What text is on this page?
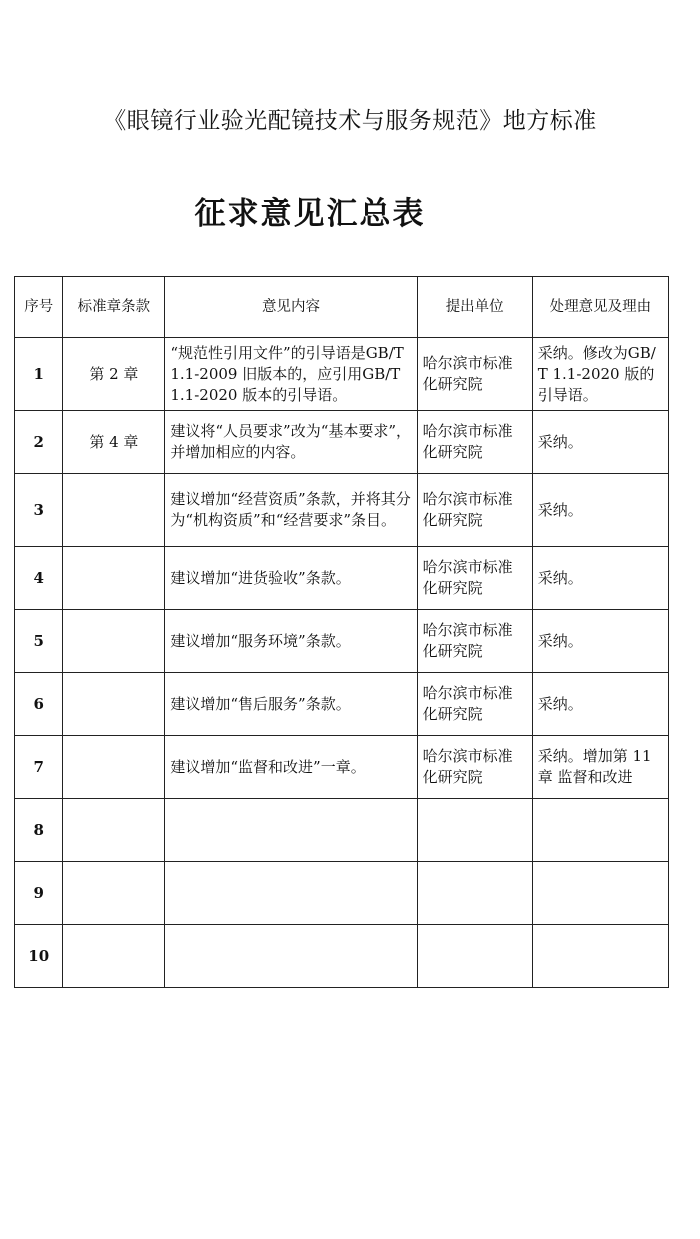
《眼镜行业验光配镜技术与服务规范》地方标准
征求意见汇总表
序号	标准章条款	意见内容	提出单位	处理意见及理由
1	第 2 章	“规范性引用文件”的引导语是GB/T 1.1-2009 旧版本的，应引用GB/T 1.1-2020 版本的引导语。	哈尔滨市标准化研究院	采纳。修改为GB/T 1.1-2020 版的引导语。
2	第 4 章	建议将“人员要求”改为“基本要求”，并增加相应的内容。	哈尔滨市标准化研究院	采纳。
3		建议增加“经营资质”条款，并将其分为“机构资质”和“经营要求”条目。	哈尔滨市标准化研究院	采纳。
4		建议增加“进货验收”条款。	哈尔滨市标准化研究院	采纳。
5		建议增加“服务环境”条款。	哈尔滨市标准化研究院	采纳。
6		建议增加“售后服务”条款。	哈尔滨市标准化研究院	采纳。
7		建议增加“监督和改进”一章。	哈尔滨市标准化研究院	采纳。增加第 11 章 监督和改进
8				
9				
10				
